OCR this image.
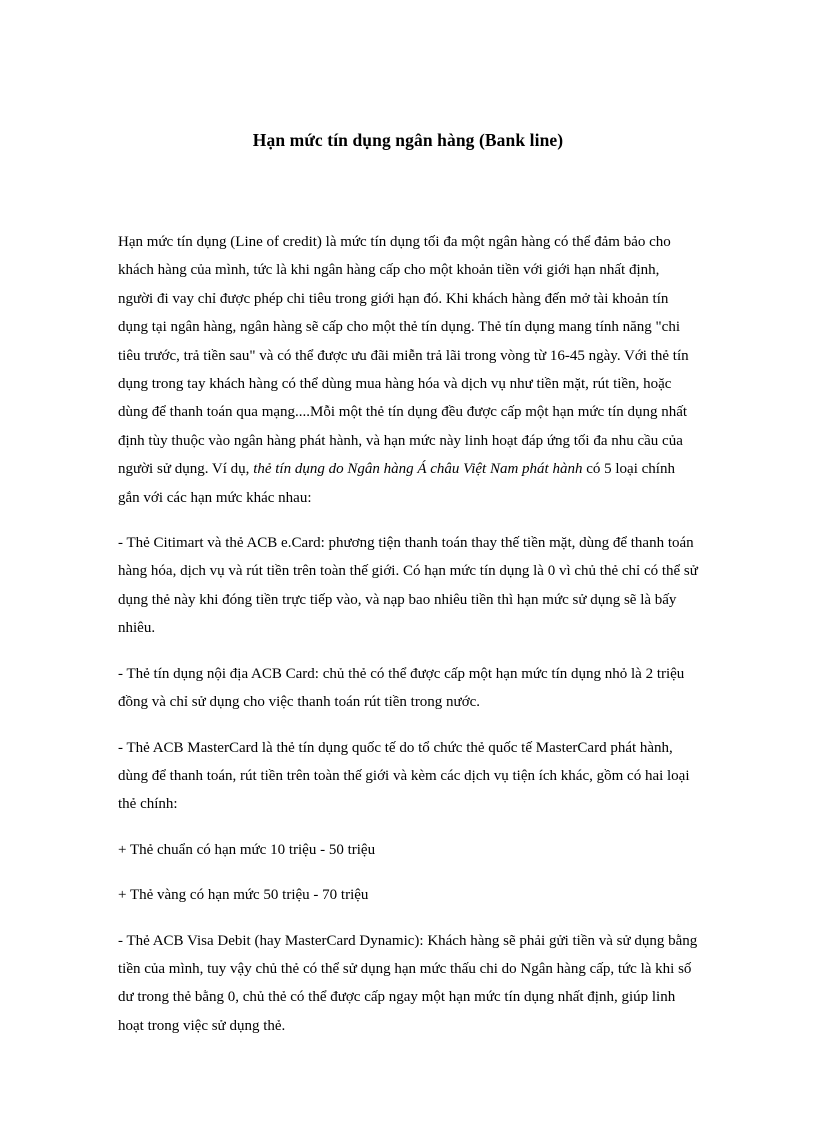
Hạn mức tín dụng ngân hàng (Bank line)

Hạn mức tín dụng (Line of credit) là mức tín dụng tối đa một ngân hàng có thể đảm bảo cho khách hàng của mình, tức là khi ngân hàng cấp cho một khoản tiền với giới hạn nhất định, người đi vay chỉ được phép chi tiêu trong giới hạn đó. Khi khách hàng đến mở tài khoản tín dụng tại ngân hàng, ngân hàng sẽ cấp cho một thẻ tín dụng. Thẻ tín dụng mang tính năng "chi tiêu trước, trả tiền sau" và có thể được ưu đãi miễn trả lãi trong vòng từ 16-45 ngày. Với thẻ tín dụng trong tay khách hàng có thể dùng mua hàng hóa và dịch vụ như tiền mặt, rút tiền, hoặc dùng để thanh toán qua mạng....Mỗi một thẻ tín dụng đều được cấp một hạn mức tín dụng nhất định tùy thuộc vào ngân hàng phát hành, và hạn mức này linh hoạt đáp ứng tối đa nhu cầu của người sử dụng. Ví dụ, thẻ tín dụng do Ngân hàng Á châu Việt Nam phát hành có 5 loại chính gắn với các hạn mức khác nhau:

- Thẻ Citimart và thẻ ACB e.Card: phương tiện thanh toán thay thế tiền mặt, dùng để thanh toán hàng hóa, dịch vụ và rút tiền trên toàn thế giới. Có hạn mức tín dụng là 0 vì chủ thẻ chỉ có thể sử dụng thẻ này khi đóng tiền trực tiếp vào, và nạp bao nhiêu tiền thì hạn mức sử dụng sẽ là bấy nhiêu.

- Thẻ tín dụng nội địa ACB Card: chủ thẻ có thể được cấp một hạn mức tín dụng nhỏ là 2 triệu đồng và chỉ sử dụng cho việc thanh toán rút tiền trong nước.

- Thẻ ACB MasterCard là thẻ tín dụng quốc tế do tổ chức thẻ quốc tế MasterCard phát hành, dùng để thanh toán, rút tiền trên toàn thế giới và kèm các dịch vụ tiện ích khác, gồm có hai loại thẻ chính:

+ Thẻ chuẩn có hạn mức 10 triệu - 50 triệu

+ Thẻ vàng có hạn mức 50 triệu - 70 triệu

- Thẻ ACB Visa Debit (hay MasterCard Dynamic): Khách hàng sẽ phải gửi tiền và sử dụng bằng tiền của mình, tuy vậy chủ thẻ có thể sử dụng hạn mức thấu chi do Ngân hàng cấp, tức là khi số dư trong thẻ bằng 0, chủ thẻ có thể được cấp ngay một hạn mức tín dụng nhất định, giúp linh hoạt trong việc sử dụng thẻ.
